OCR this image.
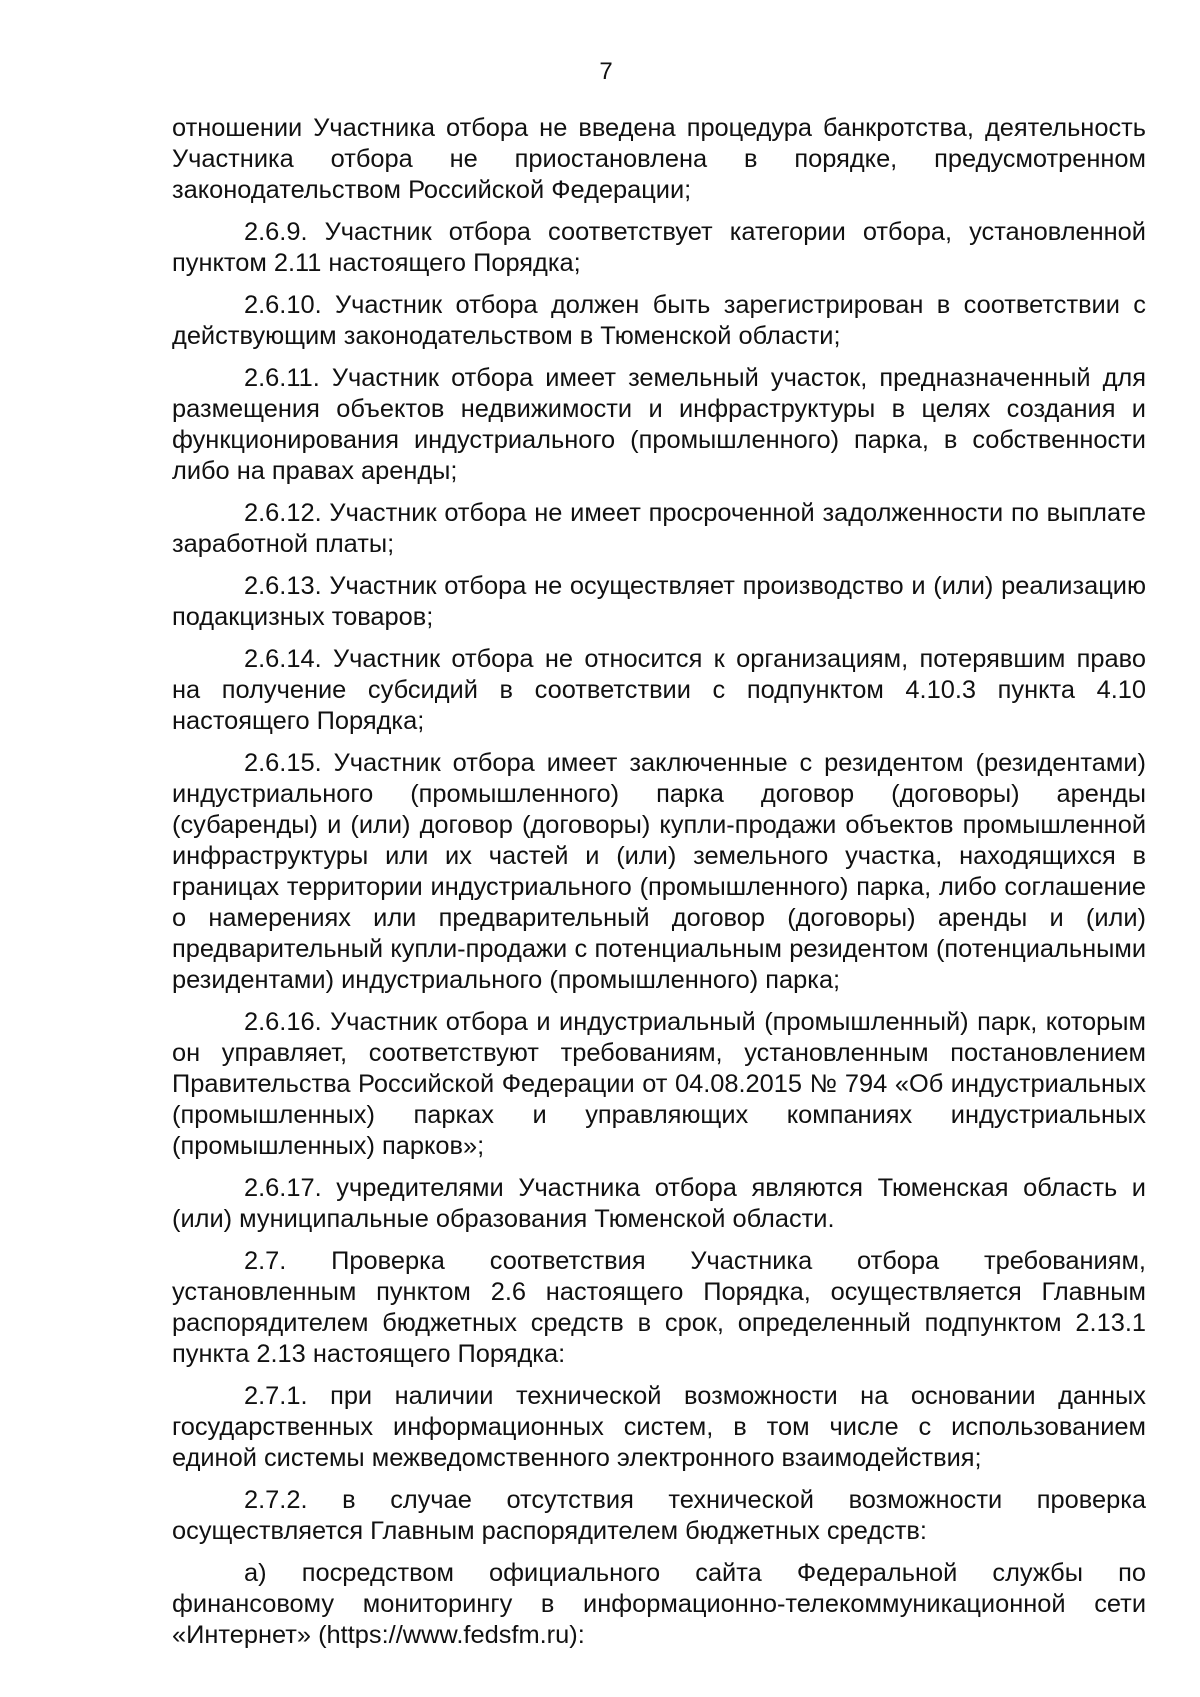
7

отношении Участника отбора не введена процедура банкротства, деятельность Участника отбора не приостановлена в порядке, предусмотренном законодательством Российской Федерации;

2.6.9. Участник отбора соответствует категории отбора, установленной пунктом 2.11 настоящего Порядка;

2.6.10. Участник отбора должен быть зарегистрирован в соответствии с действующим законодательством в Тюменской области;

2.6.11. Участник отбора имеет земельный участок, предназначенный для размещения объектов недвижимости и инфраструктуры в целях создания и функционирования индустриального (промышленного) парка, в собственности либо на правах аренды;

2.6.12. Участник отбора не имеет просроченной задолженности по выплате заработной платы;

2.6.13. Участник отбора не осуществляет производство и (или) реализацию подакцизных товаров;

2.6.14. Участник отбора не относится к организациям, потерявшим право на получение субсидий в соответствии с подпунктом 4.10.3 пункта 4.10 настоящего Порядка;

2.6.15. Участник отбора имеет заключенные с резидентом (резидентами) индустриального (промышленного) парка договор (договоры) аренды (субаренды) и (или) договор (договоры) купли-продажи объектов промышленной инфраструктуры или их частей и (или) земельного участка, находящихся в границах территории индустриального (промышленного) парка, либо соглашение о намерениях или предварительный договор (договоры) аренды и (или) предварительный купли-продажи с потенциальным резидентом (потенциальными резидентами) индустриального (промышленного) парка;

2.6.16. Участник отбора и индустриальный (промышленный) парк, которым он управляет, соответствуют требованиям, установленным постановлением Правительства Российской Федерации от 04.08.2015 № 794 «Об индустриальных (промышленных) парках и управляющих компаниях индустриальных (промышленных) парков»;

2.6.17. учредителями Участника отбора являются Тюменская область и (или) муниципальные образования Тюменской области.

2.7. Проверка соответствия Участника отбора требованиям, установленным пунктом 2.6 настоящего Порядка, осуществляется Главным распорядителем бюджетных средств в срок, определенный подпунктом 2.13.1 пункта 2.13 настоящего Порядка:

2.7.1. при наличии технической возможности на основании данных государственных информационных систем, в том числе с использованием единой системы межведомственного электронного взаимодействия;

2.7.2. в случае отсутствия технической возможности проверка осуществляется Главным распорядителем бюджетных средств:

а) посредством официального сайта Федеральной службы по финансовому мониторингу в информационно-телекоммуникационной сети «Интернет» (https://www.fedsfm.ru):
